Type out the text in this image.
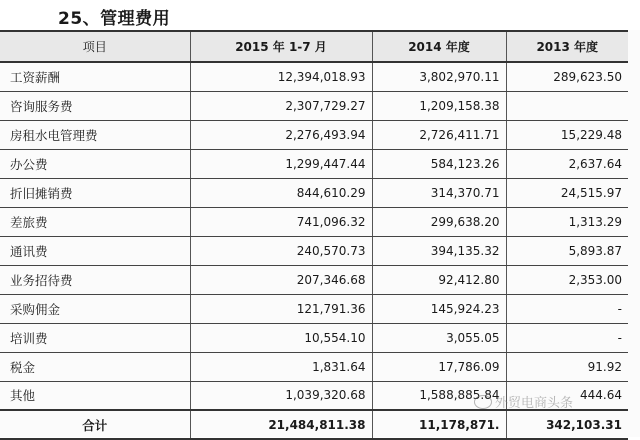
25、管理费用
项目	2015 年 1-7 月	2014 年度	2013 年度
工资薪酬	12,394,018.93	3,802,970.11	289,623.50
咨询服务费	2,307,729.27	1,209,158.38	
房租水电管理费	2,276,493.94	2,726,411.71	15,229.48
办公费	1,299,447.44	584,123.26	2,637.64
折旧摊销费	844,610.29	314,370.71	24,515.97
差旅费	741,096.32	299,638.20	1,313.29
通讯费	240,570.73	394,135.32	5,893.87
业务招待费	207,346.68	92,412.80	2,353.00
采购佣金	121,791.36	145,924.23	-
培训费	10,554.10	3,055.05	-
税金	1,831.64	17,786.09	91.92
其他	1,039,320.68	1,588,885.84	444.64
合计	21,484,811.38	11,178,871.	342,103.31
外贸电商头条
